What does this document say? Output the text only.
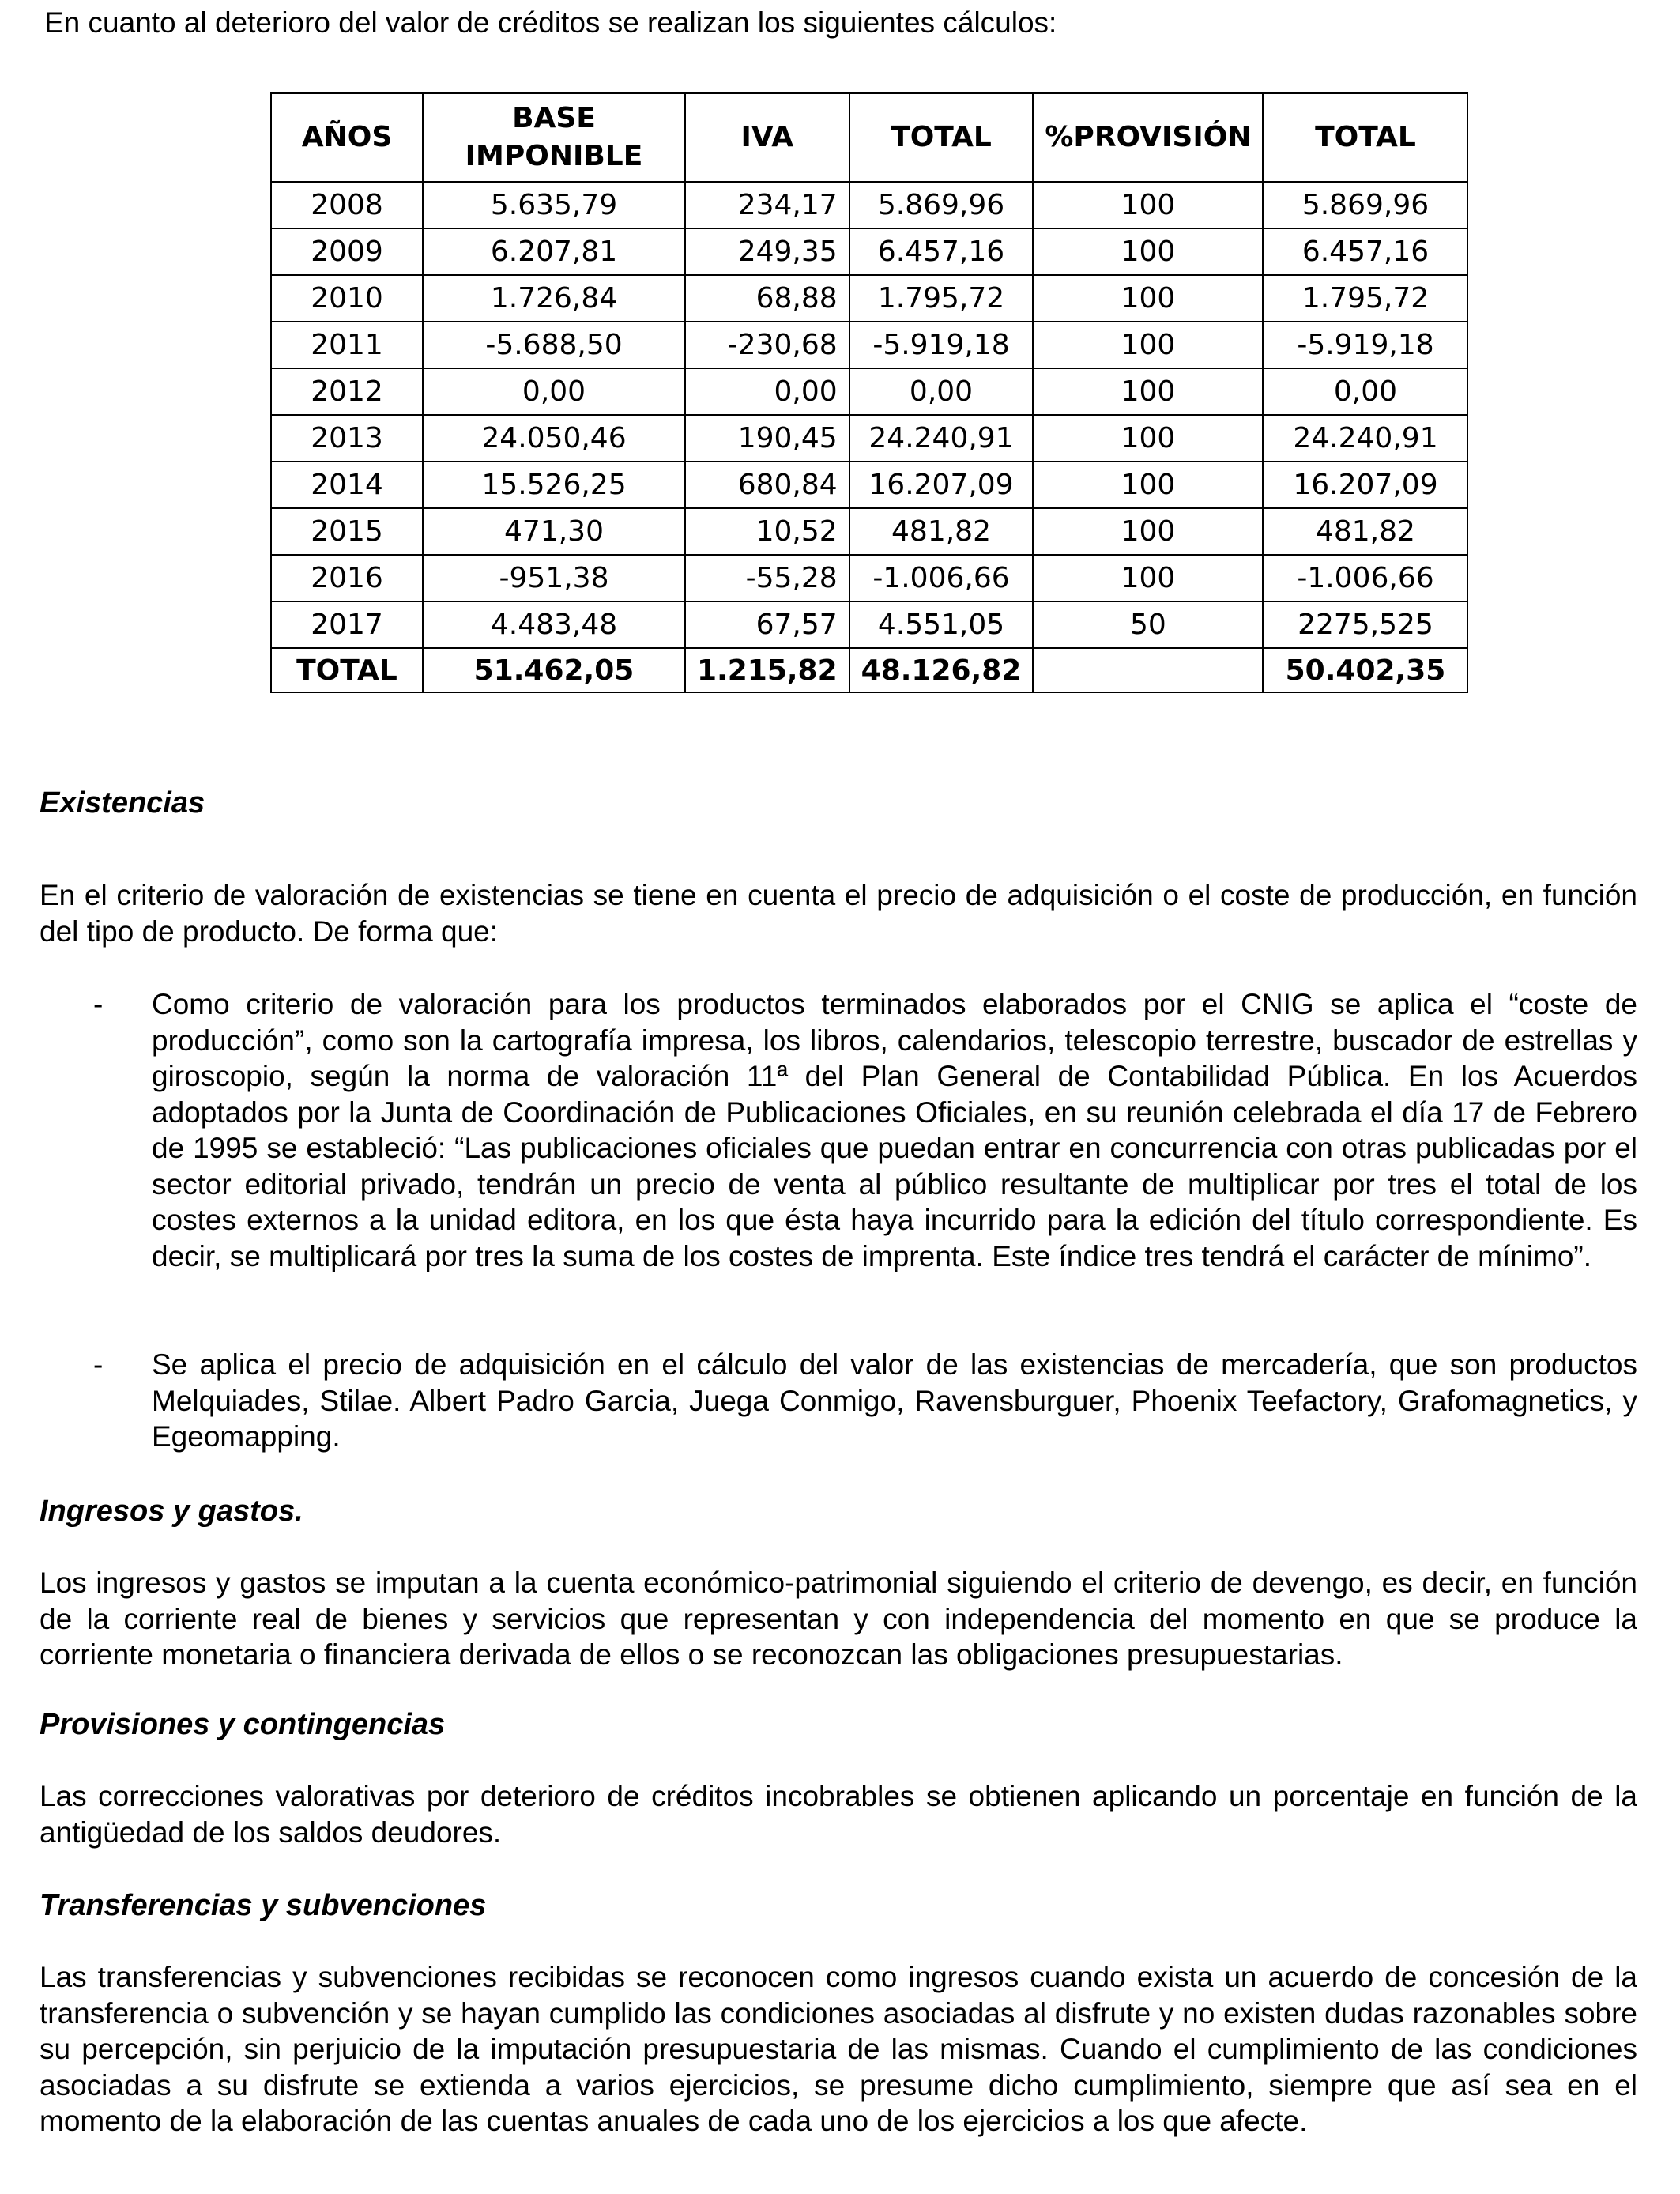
En cuanto al deterioro del valor de créditos se realizan los siguientes cálculos:
AÑOS	BASE IMPONIBLE	IVA	TOTAL	%PROVISIÓN	TOTAL
2008	5.635,79	234,17	5.869,96	100	5.869,96
2009	6.207,81	249,35	6.457,16	100	6.457,16
2010	1.726,84	68,88	1.795,72	100	1.795,72
2011	-5.688,50	-230,68	-5.919,18	100	-5.919,18
2012	0,00	0,00	0,00	100	0,00
2013	24.050,46	190,45	24.240,91	100	24.240,91
2014	15.526,25	680,84	16.207,09	100	16.207,09
2015	471,30	10,52	481,82	100	481,82
2016	-951,38	-55,28	-1.006,66	100	-1.006,66
2017	4.483,48	67,57	4.551,05	50	2275,525
TOTAL	51.462,05	1.215,82	48.126,82		50.402,35
Existencias
En el criterio de valoración de existencias se tiene en cuenta el precio de adquisición o el coste de producción, en función del tipo de producto. De forma que:
- Como criterio de valoración para los productos terminados elaborados por el CNIG se aplica el “coste de producción”, como son la cartografía impresa, los libros, calendarios, telescopio terrestre, buscador de estrellas y giroscopio, según la norma de valoración 11ª del Plan General de Contabilidad Pública. En los Acuerdos adoptados por la Junta de Coordinación de Publicaciones Oficiales, en su reunión celebrada el día 17 de Febrero de 1995 se estableció: “Las publicaciones oficiales que puedan entrar en concurrencia con otras publicadas por el sector editorial privado, tendrán un precio de venta al público resultante de multiplicar por tres el total de los costes externos a la unidad editora, en los que ésta haya incurrido para la edición del título correspondiente. Es decir, se multiplicará por tres la suma de los costes de imprenta. Este índice tres tendrá el carácter de mínimo”.
- Se aplica el precio de adquisición en el cálculo del valor de las existencias de mercadería, que son productos Melquiades, Stilae. Albert Padro Garcia, Juega Conmigo, Ravensburguer, Phoenix Teefactory, Grafomagnetics, y Egeomapping.
Ingresos y gastos.
Los ingresos y gastos se imputan a la cuenta económico-patrimonial siguiendo el criterio de devengo, es decir, en función de la corriente real de bienes y servicios que representan y con independencia del momento en que se produce la corriente monetaria o financiera derivada de ellos o se reconozcan las obligaciones presupuestarias.
Provisiones y contingencias
Las correcciones valorativas por deterioro de créditos incobrables se obtienen aplicando un porcentaje en función de la antigüedad de los saldos deudores.
Transferencias y subvenciones
Las transferencias y subvenciones recibidas se reconocen como ingresos cuando exista un acuerdo de concesión de la transferencia o subvención y se hayan cumplido las condiciones asociadas al disfrute y no existen dudas razonables sobre su percepción, sin perjuicio de la imputación presupuestaria de las mismas. Cuando el cumplimiento de las condiciones asociadas a su disfrute se extienda a varios ejercicios, se presume dicho cumplimiento, siempre que así sea en el momento de la elaboración de las cuentas anuales de cada uno de los ejercicios a los que afecte.
